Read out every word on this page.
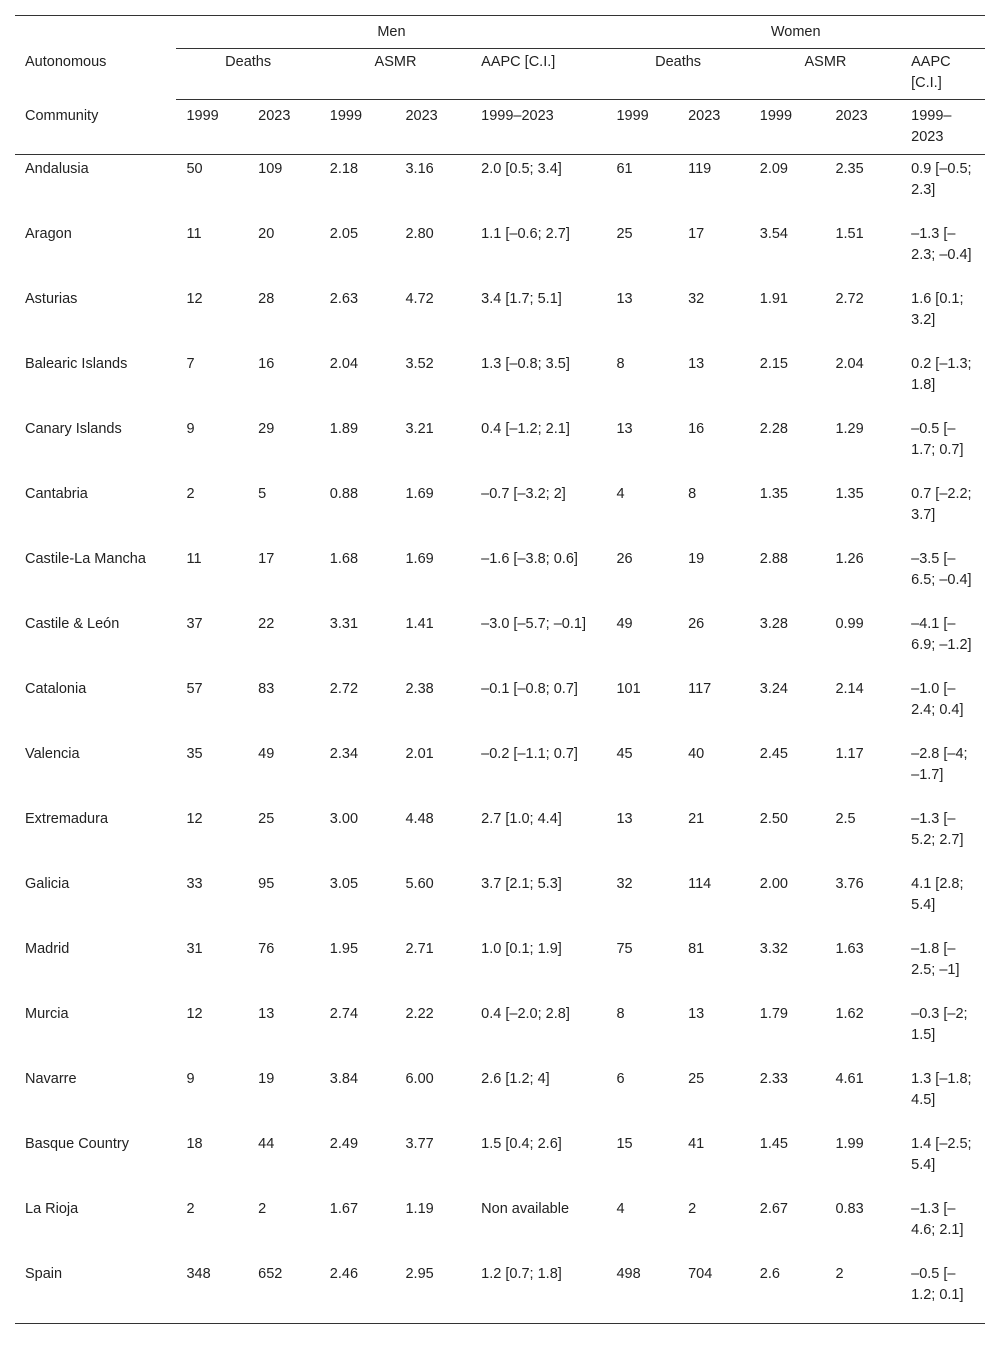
	Men					Women				
Autonomous	Deaths		ASMR		AAPC [C.I.]	Deaths		ASMR		AAPC [C.I.]
Community	1999	2023	1999	2023	1999–2023	1999	2023	1999	2023	1999–2023
Andalusia	50	109	2.18	3.16	2.0 [0.5; 3.4]	61	119	2.09	2.35	0.9 [–0.5; 2.3]
Aragon	11	20	2.05	2.80	1.1 [–0.6; 2.7]	25	17	3.54	1.51	–1.3 [–2.3; –0.4]
Asturias	12	28	2.63	4.72	3.4 [1.7; 5.1]	13	32	1.91	2.72	1.6 [0.1; 3.2]
Balearic Islands	7	16	2.04	3.52	1.3 [–0.8; 3.5]	8	13	2.15	2.04	0.2 [–1.3; 1.8]
Canary Islands	9	29	1.89	3.21	0.4 [–1.2; 2.1]	13	16	2.28	1.29	–0.5 [–1.7; 0.7]
Cantabria	2	5	0.88	1.69	–0.7 [–3.2; 2]	4	8	1.35	1.35	0.7 [–2.2; 3.7]
Castile-La Mancha	11	17	1.68	1.69	–1.6 [–3.8; 0.6]	26	19	2.88	1.26	–3.5 [–6.5; –0.4]
Castile & León	37	22	3.31	1.41	–3.0 [–5.7; –0.1]	49	26	3.28	0.99	–4.1 [–6.9; –1.2]
Catalonia	57	83	2.72	2.38	–0.1 [–0.8; 0.7]	101	117	3.24	2.14	–1.0 [–2.4; 0.4]
Valencia	35	49	2.34	2.01	–0.2 [–1.1; 0.7]	45	40	2.45	1.17	–2.8 [–4; –1.7]
Extremadura	12	25	3.00	4.48	2.7 [1.0; 4.4]	13	21	2.50	2.5	–1.3 [–5.2; 2.7]
Galicia	33	95	3.05	5.60	3.7 [2.1; 5.3]	32	114	2.00	3.76	4.1 [2.8; 5.4]
Madrid	31	76	1.95	2.71	1.0 [0.1; 1.9]	75	81	3.32	1.63	–1.8 [–2.5; –1]
Murcia	12	13	2.74	2.22	0.4 [–2.0; 2.8]	8	13	1.79	1.62	–0.3 [–2; 1.5]
Navarre	9	19	3.84	6.00	2.6 [1.2; 4]	6	25	2.33	4.61	1.3 [–1.8; 4.5]
Basque Country	18	44	2.49	3.77	1.5 [0.4; 2.6]	15	41	1.45	1.99	1.4 [–2.5; 5.4]
La Rioja	2	2	1.67	1.19	Non available	4	2	2.67	0.83	–1.3 [–4.6; 2.1]
Spain	348	652	2.46	2.95	1.2 [0.7; 1.8]	498	704	2.6	2	–0.5 [–1.2; 0.1]
